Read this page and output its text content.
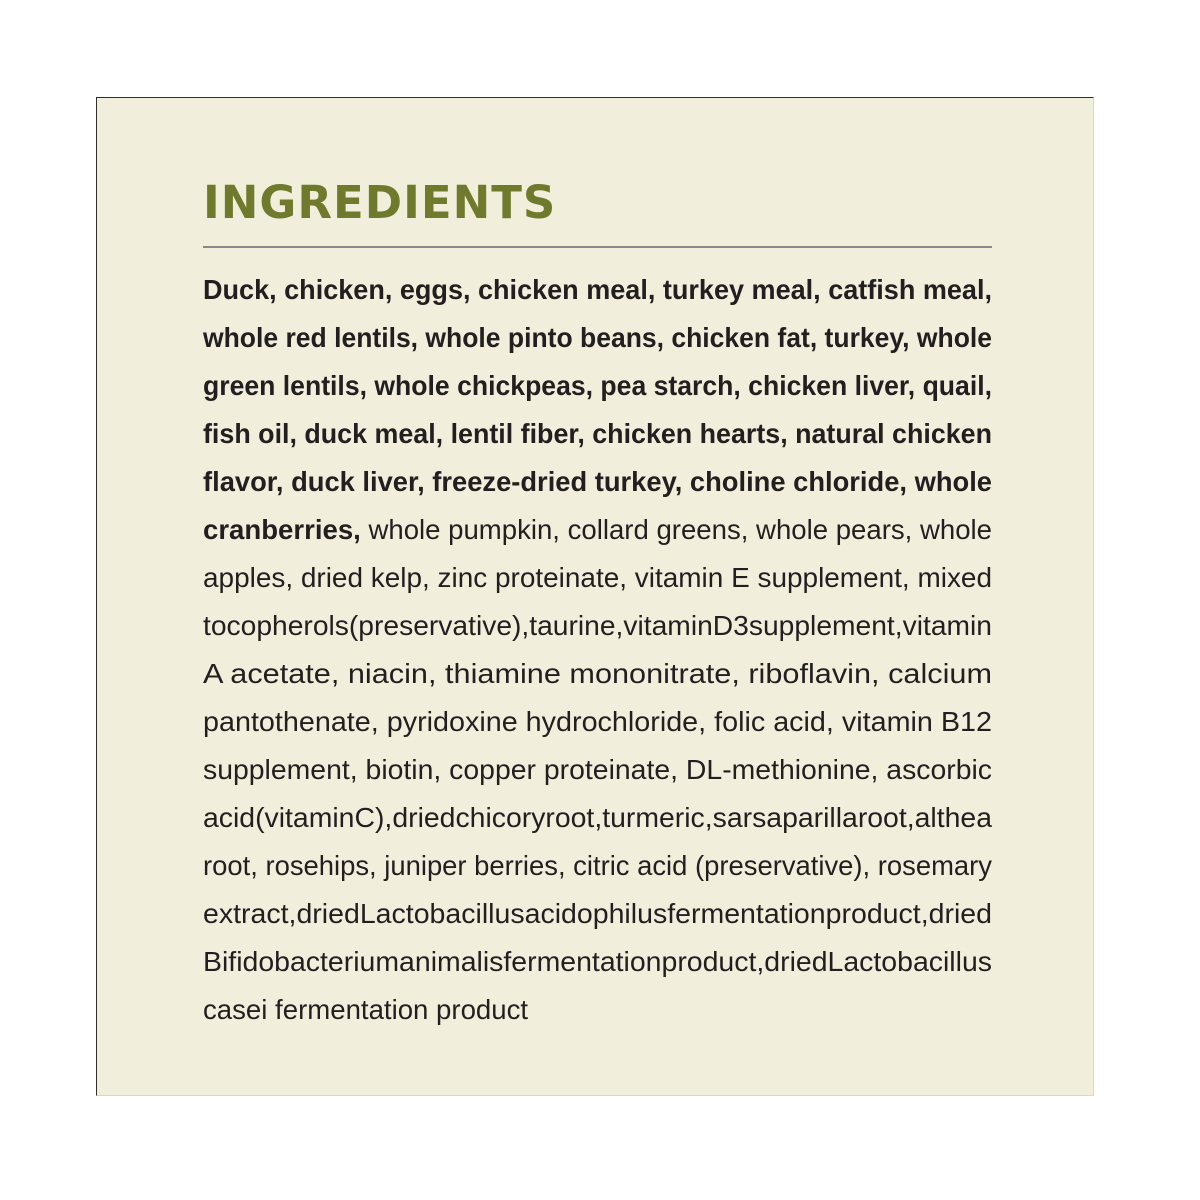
INGREDIENTS
Duck, chicken, eggs, chicken meal, turkey meal, catfish meal,
whole red lentils, whole pinto beans, chicken fat, turkey, whole
green lentils, whole chickpeas, pea starch, chicken liver, quail,
fish oil, duck meal, lentil fiber, chicken hearts, natural chicken
flavor, duck liver, freeze-dried turkey, choline chloride, whole
cranberries, whole pumpkin, collard greens, whole pears, whole
apples, dried kelp, zinc proteinate, vitamin E supplement, mixed
tocopherols(preservative),taurine,vitaminD3supplement,vitamin
A acetate, niacin, thiamine mononitrate, riboflavin, calcium
pantothenate, pyridoxine hydrochloride, folic acid, vitamin B12
supplement, biotin, copper proteinate, DL-methionine, ascorbic
acid(vitaminC),driedchicoryroot,turmeric,sarsaparillaroot,althea
root, rosehips, juniper berries, citric acid (preservative), rosemary
extract,driedLactobacillusacidophilusfermentationproduct,dried
Bifidobacteriumanimalisfermentationproduct,driedLactobacillus
casei fermentation product
